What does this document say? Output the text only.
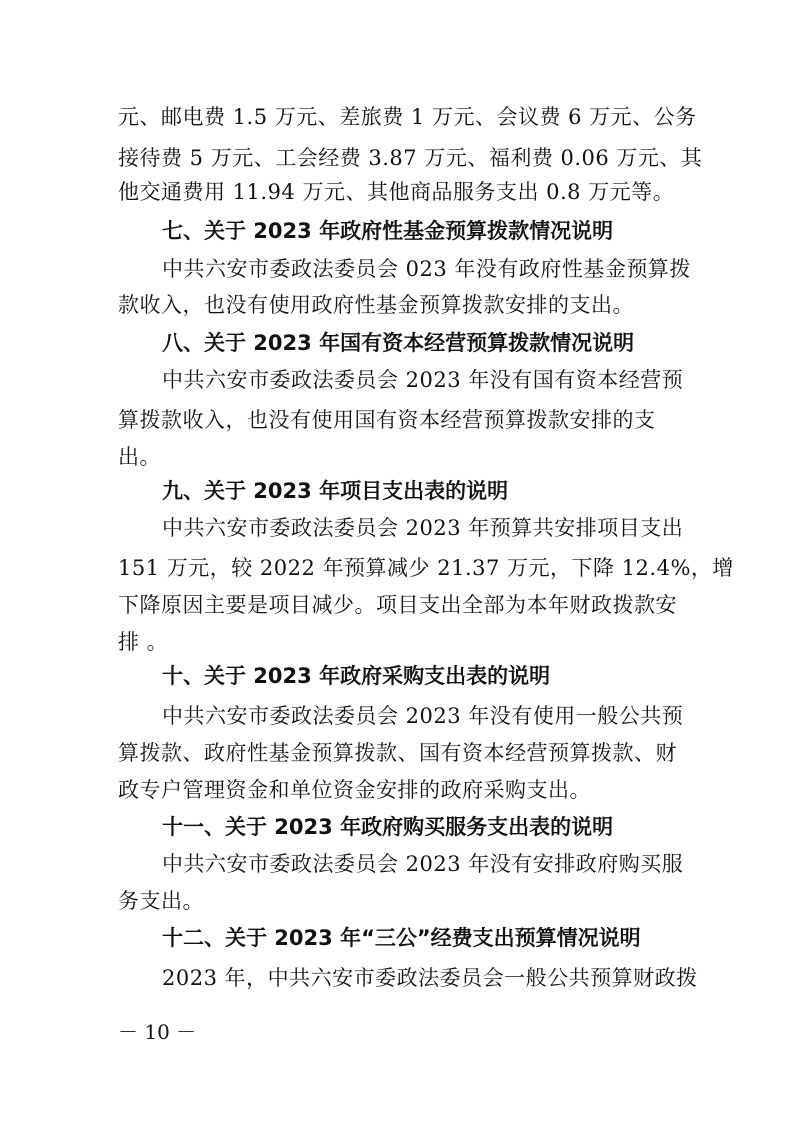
元、邮电费 1.5 万元、差旅费 1 万元、会议费 6 万元、公务
接待费 5 万元、工会经费 3.87 万元、福利费 0.06 万元、其
他交通费用 11.94 万元、其他商品服务支出 0.8 万元等。
七、关于 2023 年政府性基金预算拨款情况说明
中共六安市委政法委员会 023 年没有政府性基金预算拨
款收入，也没有使用政府性基金预算拨款安排的支出。
八、关于 2023 年国有资本经营预算拨款情况说明
中共六安市委政法委员会 2023 年没有国有资本经营预
算拨款收入，也没有使用国有资本经营预算拨款安排的支
出。
九、关于 2023 年项目支出表的说明
中共六安市委政法委员会 2023 年预算共安排项目支出
151 万元，较 2022 年预算减少 21.37 万元，下降 12.4%，增
下降原因主要是项目减少。项目支出全部为本年财政拨款安
排 。
十、关于 2023 年政府采购支出表的说明
中共六安市委政法委员会 2023 年没有使用一般公共预
算拨款、政府性基金预算拨款、国有资本经营预算拨款、财
政专户管理资金和单位资金安排的政府采购支出。
十一、关于 2023 年政府购买服务支出表的说明
中共六安市委政法委员会 2023 年没有安排政府购买服
务支出。
十二、关于 2023 年“三公”经费支出预算情况说明
2023 年，中共六安市委政法委员会一般公共预算财政拨
－ 10 －
